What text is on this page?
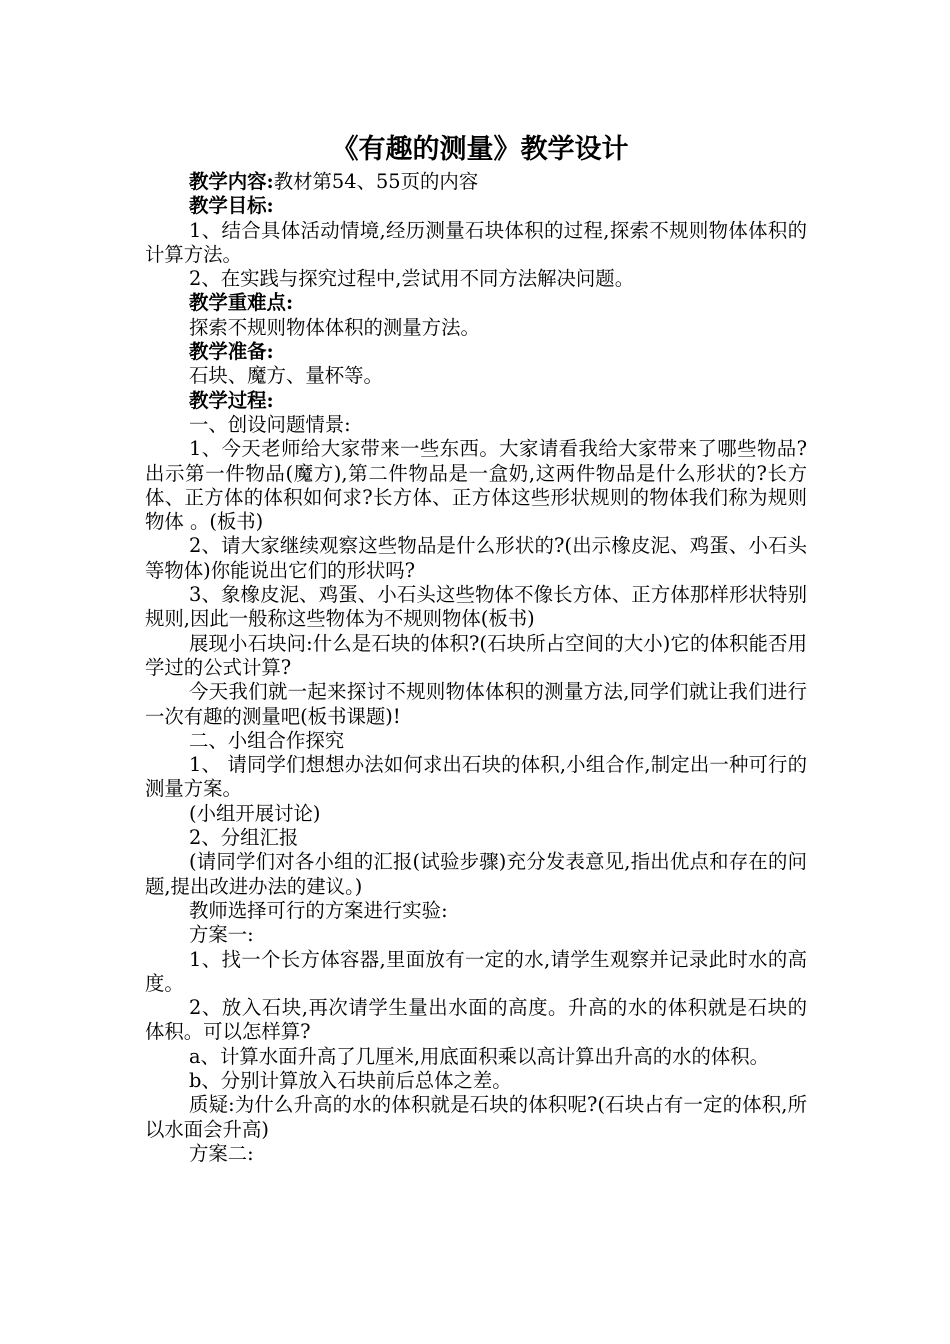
《有趣的测量》教学设计

教学内容:教材第54、55页的内容

教学目标:

1、结合具体活动情境,经历测量石块体积的过程,探索不规则物体体积的计算方法。

2、在实践与探究过程中,尝试用不同方法解决问题。

教学重难点:

探索不规则物体体积的测量方法。

教学准备:

石块、魔方、量杯等。

教学过程:

一、创设问题情景:

1、今天老师给大家带来一些东西。大家请看我给大家带来了哪些物品?出示第一件物品(魔方),第二件物品是一盒奶,这两件物品是什么形状的?长方体、正方体的体积如何求?长方体、正方体这些形状规则的物体我们称为规则物体 。(板书)

2、请大家继续观察这些物品是什么形状的?(出示橡皮泥、鸡蛋、小石头等物体)你能说出它们的形状吗?

3、象橡皮泥、鸡蛋、小石头这些物体不像长方体、正方体那样形状特别规则,因此一般称这些物体为不规则物体(板书)

展现小石块问:什么是石块的体积?(石块所占空间的大小)它的体积能否用学过的公式计算?

今天我们就一起来探讨不规则物体体积的测量方法,同学们就让我们进行一次有趣的测量吧(板书课题)!

二、小组合作探究

1、 请同学们想想办法如何求出石块的体积,小组合作,制定出一种可行的测量方案。

(小组开展讨论)

2、分组汇报

(请同学们对各小组的汇报(试验步骤)充分发表意见,指出优点和存在的问题,提出改进办法的建议。)

教师选择可行的方案进行实验:

方案一:

1、找一个长方体容器,里面放有一定的水,请学生观察并记录此时水的高度。

2、放入石块,再次请学生量出水面的高度。升高的水的体积就是石块的体积。可以怎样算?

a、计算水面升高了几厘米,用底面积乘以高计算出升高的水的体积。

b、分别计算放入石块前后总体之差。

质疑:为什么升高的水的体积就是石块的体积呢?(石块占有一定的体积,所以水面会升高)

方案二:
